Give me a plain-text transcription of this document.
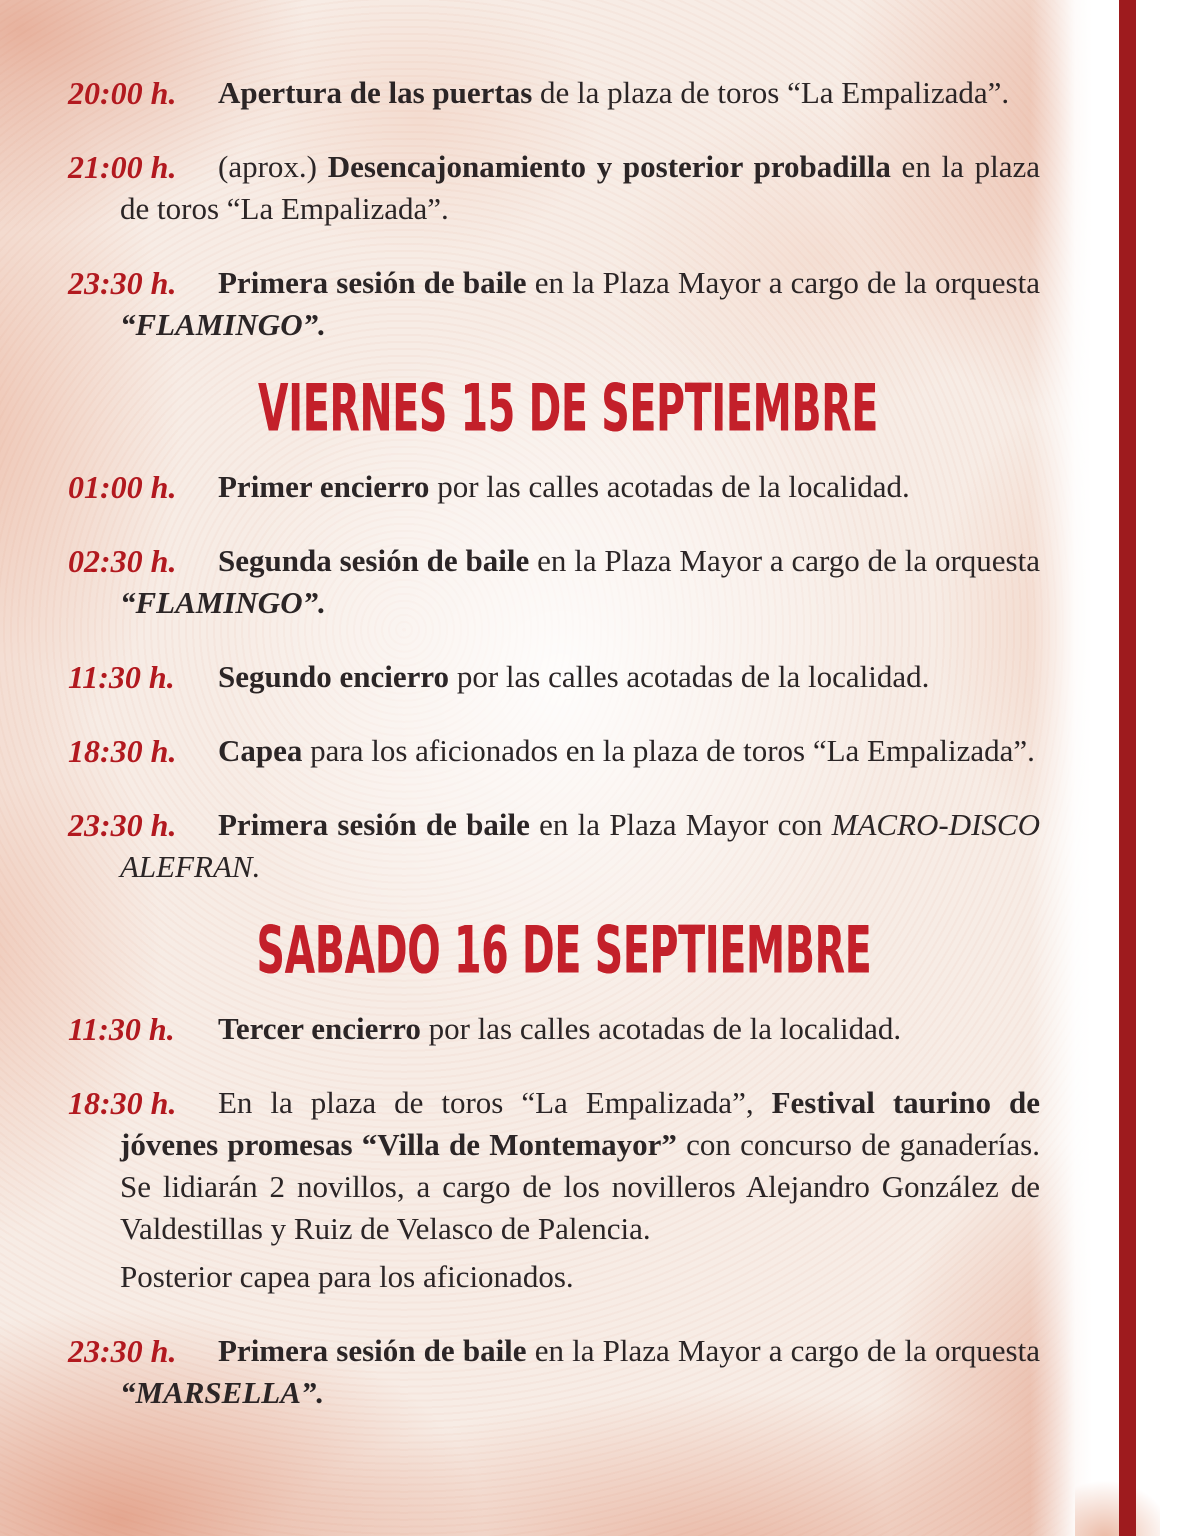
20:00 h.	Apertura de las puertas de la plaza de toros “La Empalizada”.

21:00 h.	(aprox.) Desencajonamiento y posterior probadilla en la plaza de toros “La Empalizada”.

23:30 h.	Primera sesión de baile en la Plaza Mayor a cargo de la orquesta “FLAMINGO”.

VIERNES 15 DE SEPTIEMBRE
01:00 h.	Primer encierro por las calles acotadas de la localidad.

02:30 h.	Segunda sesión de baile en la Plaza Mayor a cargo de la orquesta “FLAMINGO”.

11:30 h.	Segundo encierro por las calles acotadas de la localidad.

18:30 h.	Capea para los aficionados en la plaza de toros “La Empalizada”.

23:30 h.	Primera sesión de baile en la Plaza Mayor con MACRO-DISCO ALEFRAN.

SABADO 16 DE SEPTIEMBRE
11:30 h.	Tercer encierro por las calles acotadas de la localidad.

18:30 h.	En la plaza de toros “La Empalizada”, Festival taurino de jóvenes promesas “Villa de Montemayor” con concurso de ganaderías. Se lidiarán 2 novillos, a cargo de los novilleros Alejandro González de Valdestillas y Ruiz de Velasco de Palencia.

Posterior capea para los aficionados.

23:30 h.	Primera sesión de baile en la Plaza Mayor a cargo de la orquesta “MARSELLA”.
